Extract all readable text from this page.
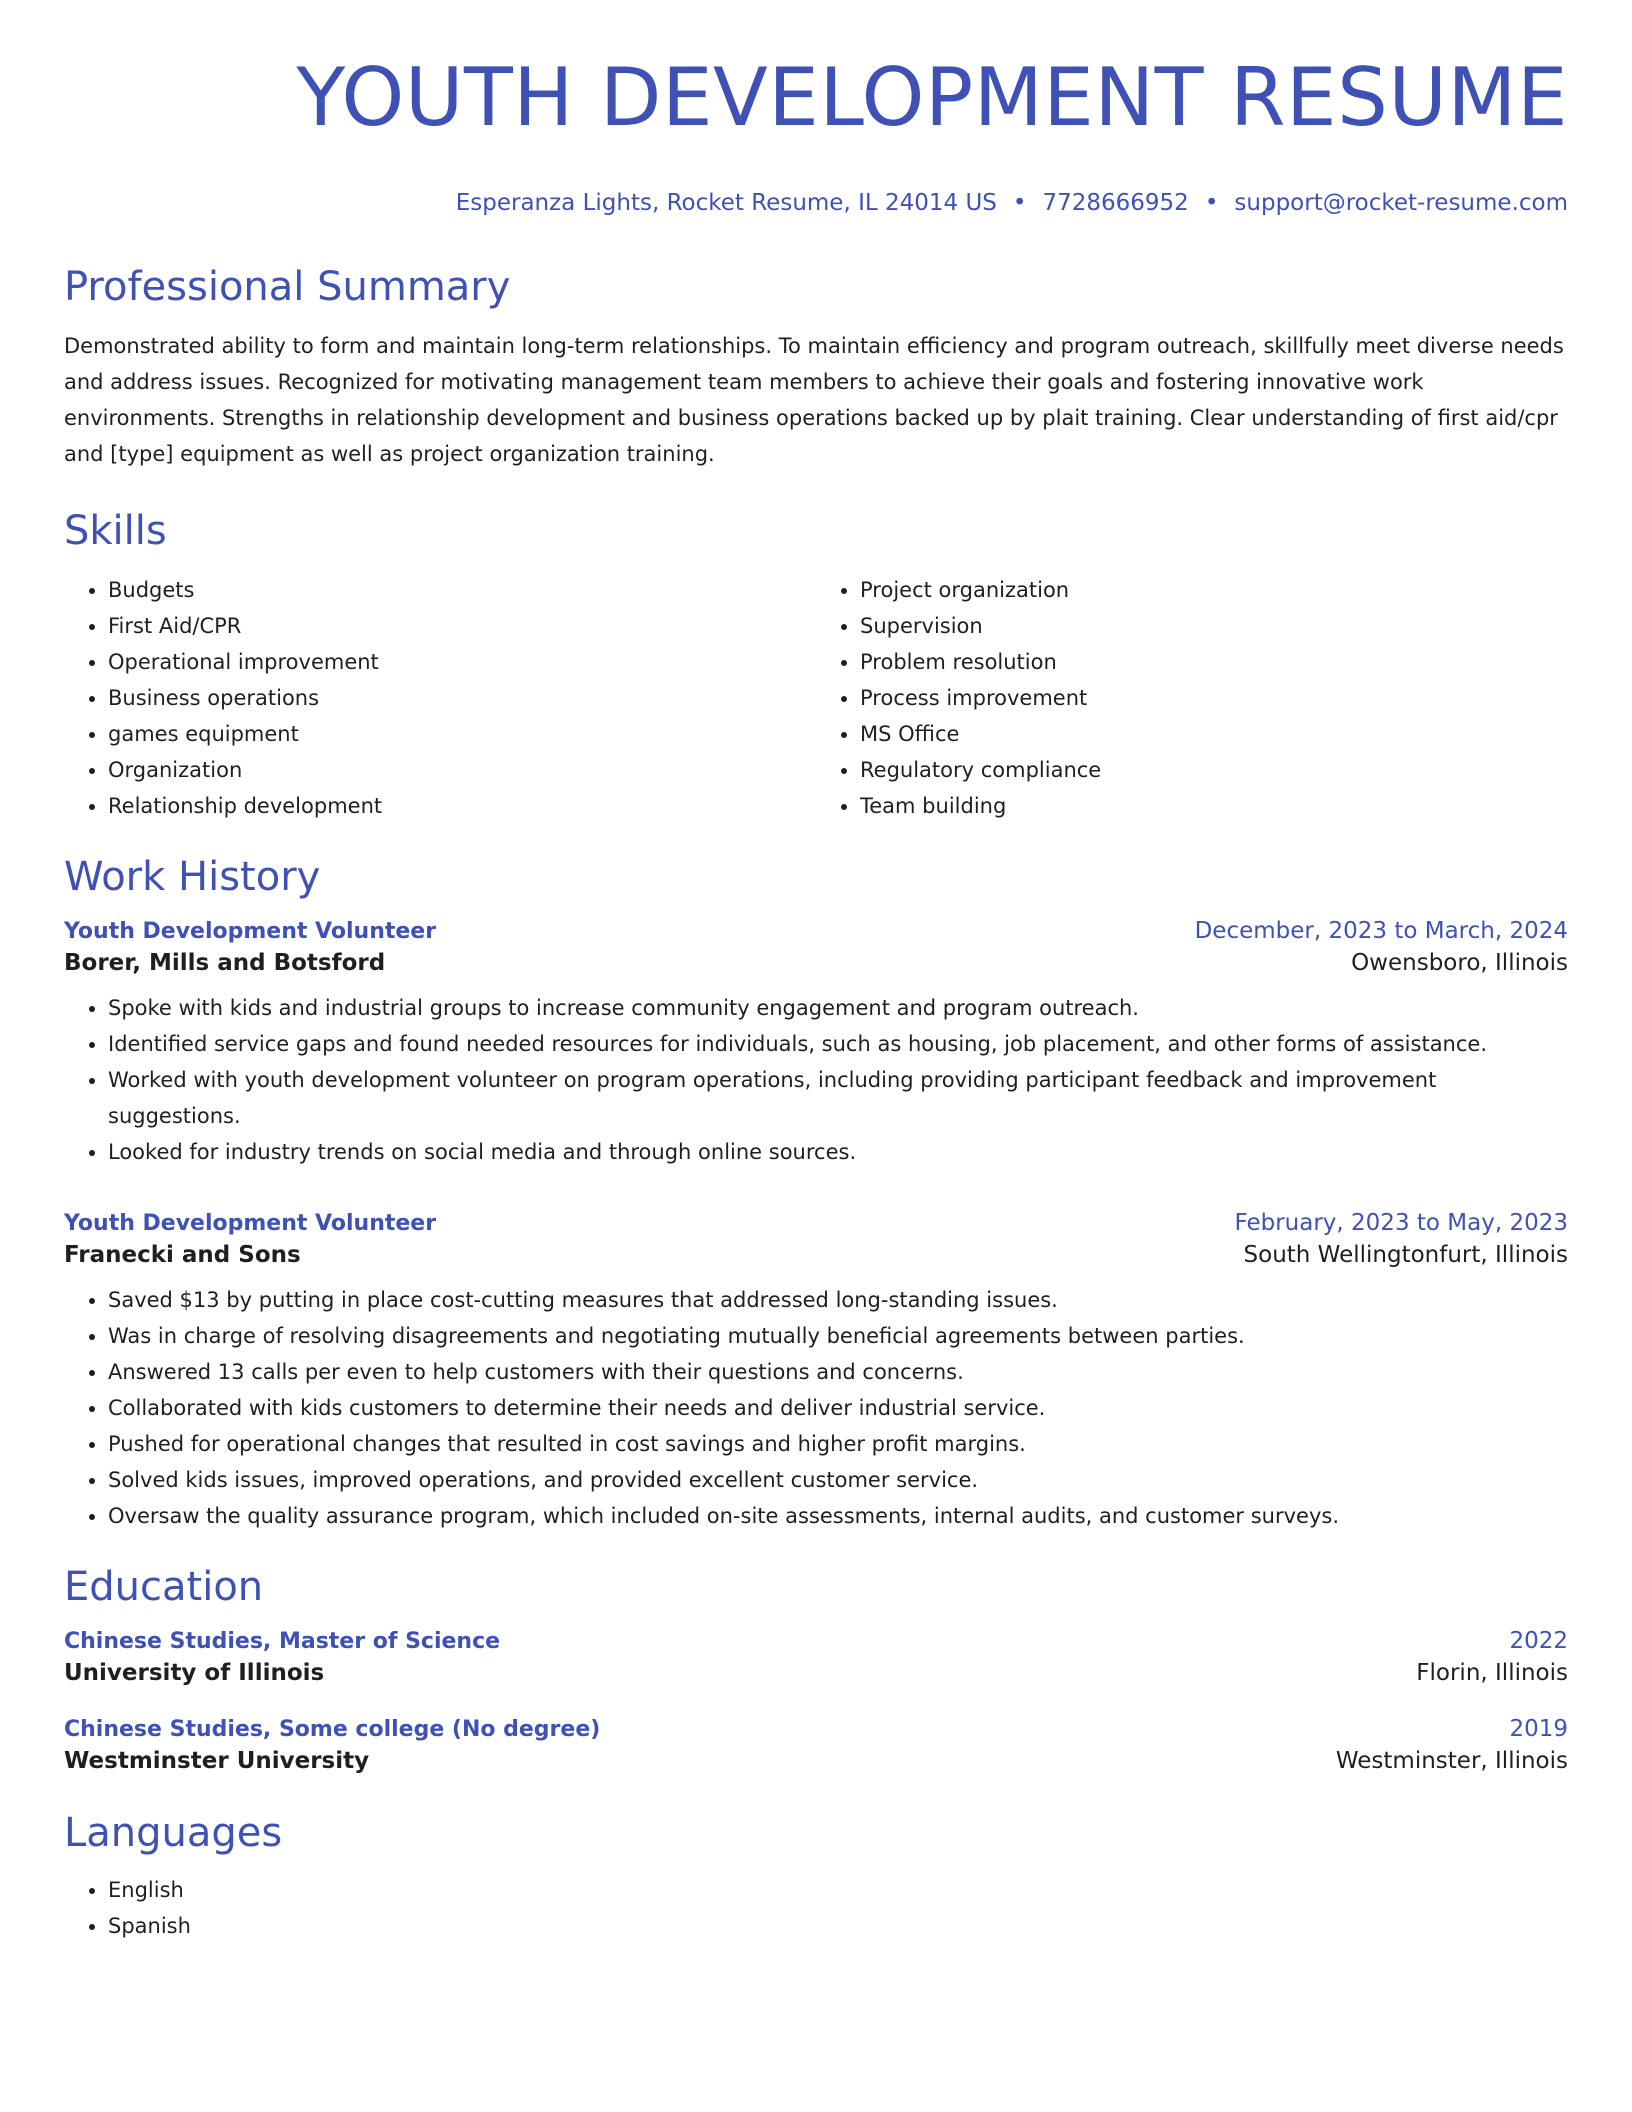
YOUTH DEVELOPMENT RESUME
Esperanza Lights, Rocket Resume, IL 24014 US • 7728666952 • support@rocket-resume.com
Professional Summary

Demonstrated ability to form and maintain long-term relationships. To maintain efficiency and program outreach, skillfully meet diverse needs and address issues. Recognized for motivating management team members to achieve their goals and fostering innovative work environments. Strengths in relationship development and business operations backed up by plait training. Clear understanding of first aid/cpr and [type] equipment as well as project organization training.

Skills
• Budgets
• First Aid/CPR
• Operational improvement
• Business operations
• games equipment
• Organization
• Relationship development
• Project organization
• Supervision
• Problem resolution
• Process improvement
• MS Office
• Regulatory compliance
• Team building
Work History
Youth Development Volunteer	December, 2023 to March, 2024
Borer, Mills and Botsford	Owensboro, Illinois
• Spoke with kids and industrial groups to increase community engagement and program outreach.
• Identified service gaps and found needed resources for individuals, such as housing, job placement, and other forms of assistance.
• Worked with youth development volunteer on program operations, including providing participant feedback and improvement suggestions.
• Looked for industry trends on social media and through online sources.
Youth Development Volunteer	February, 2023 to May, 2023
Franecki and Sons	South Wellingtonfurt, Illinois
• Saved $13 by putting in place cost-cutting measures that addressed long-standing issues.
• Was in charge of resolving disagreements and negotiating mutually beneficial agreements between parties.
• Answered 13 calls per even to help customers with their questions and concerns.
• Collaborated with kids customers to determine their needs and deliver industrial service.
• Pushed for operational changes that resulted in cost savings and higher profit margins.
• Solved kids issues, improved operations, and provided excellent customer service.
• Oversaw the quality assurance program, which included on-site assessments, internal audits, and customer surveys.
Education
Chinese Studies, Master of Science	2022
University of Illinois	Florin, Illinois
Chinese Studies, Some college (No degree)	2019
Westminster University	Westminster, Illinois
Languages
• English
• Spanish
